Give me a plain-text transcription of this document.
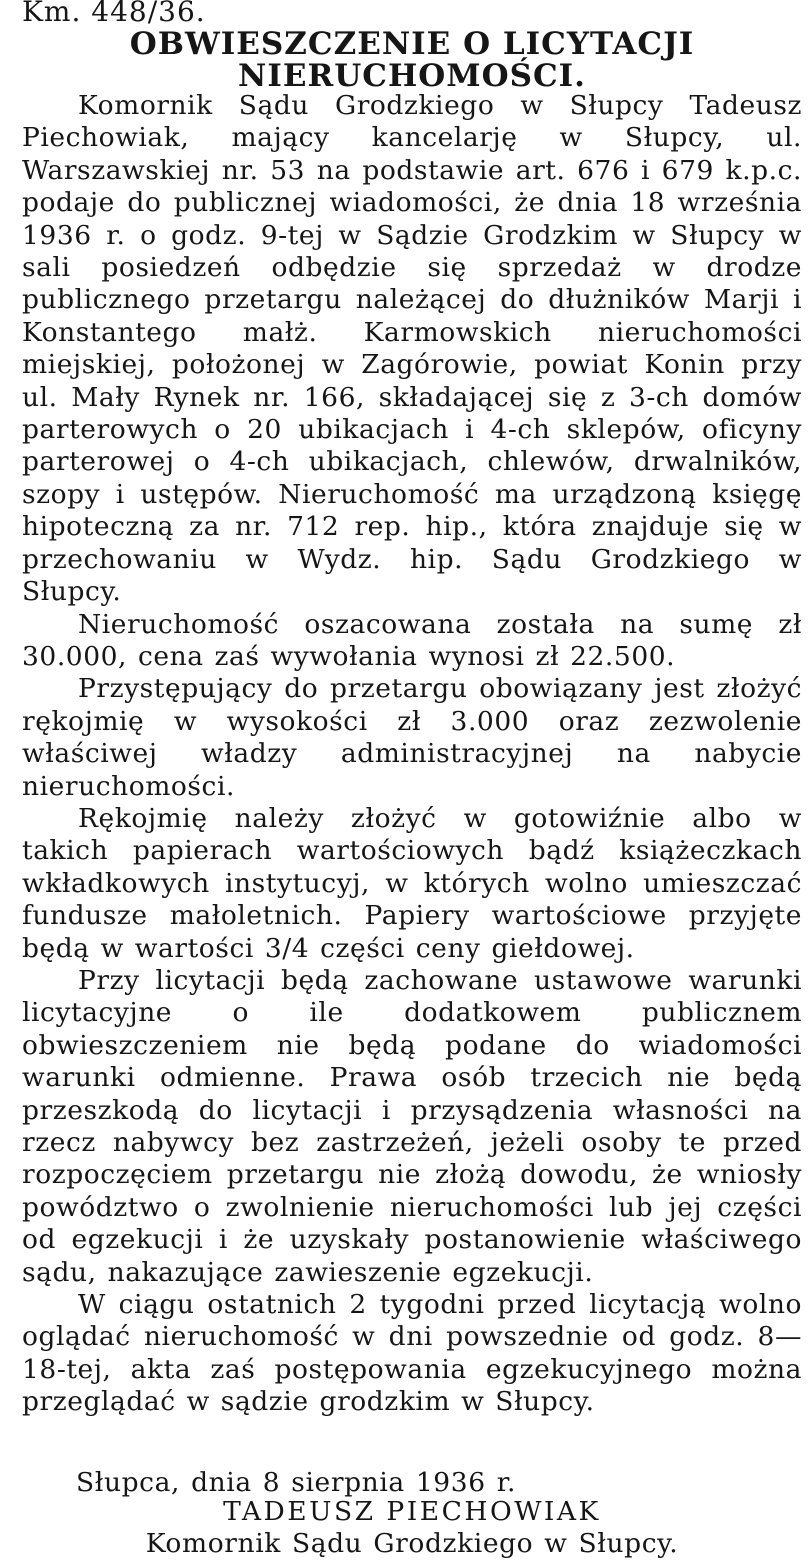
Km. 448/36.

OBWIESZCZENIE O LICYTACJI
NIERUCHOMOŚCI.

Komornik Sądu Grodzkiego w Słupcy Tadeusz Piechowiak, mający kancelarję w Słupcy, ul. Warszawskiej nr. 53 na podstawie art. 676 i 679 k.p.c. podaje do publicznej wiadomości, że dnia 18 września 1936 r. o godz. 9-tej w Sądzie Grodzkim w Słupcy w sali posiedzeń odbędzie się sprzedaż w drodze publicznego przetargu należącej do dłużników Marji i Konstantego małż. Karmowskich nieruchomości miejskiej, położonej w Zagórowie, powiat Konin przy ul. Mały Rynek nr. 166, składającej się z 3-ch domów parterowych o 20 ubikacjach i 4-ch sklepów, oficyny parterowej o 4-ch ubikacjach, chlewów, drwalników, szopy i ustępów. Nieruchomość ma urządzoną księgę hipoteczną za nr. 712 rep. hip., która znajduje się w przechowaniu w Wydz. hip. Sądu Grodzkiego w Słupcy.

Nieruchomość oszacowana została na sumę zł 30.000, cena zaś wywołania wynosi zł 22.500.

Przystępujący do przetargu obowiązany jest złożyć rękojmię w wysokości zł 3.000 oraz zezwolenie właściwej władzy administracyjnej na nabycie nieruchomości.

Rękojmię należy złożyć w gotowiźnie albo w takich papierach wartościowych bądź książeczkach wkładkowych instytucyj, w których wolno umieszczać fundusze małoletnich. Papiery wartościowe przyjęte będą w wartości 3/4 części ceny giełdowej.

Przy licytacji będą zachowane ustawowe warunki licytacyjne o ile dodatkowem publicznem obwieszczeniem nie będą podane do wiadomości warunki odmienne. Prawa osób trzecich nie będą przeszkodą do licytacji i przysądzenia własności na rzecz nabywcy bez zastrzeżeń, jeżeli osoby te przed rozpoczęciem przetargu nie złożą dowodu, że wniosły powództwo o zwolnienie nieruchomości lub jej części od egzekucji i że uzyskały postanowienie właściwego sądu, nakazujące zawieszenie egzekucji.

W ciągu ostatnich 2 tygodni przed licytacją wolno oglądać nieruchomość w dni powszednie od godz. 8—18-tej, akta zaś postępowania egzekucyjnego można przeglądać w sądzie grodzkim w Słupcy.

Słupca, dnia 8 sierpnia 1936 r.

TADEUSZ PIECHOWIAK

Komornik Sądu Grodzkiego w Słupcy.
